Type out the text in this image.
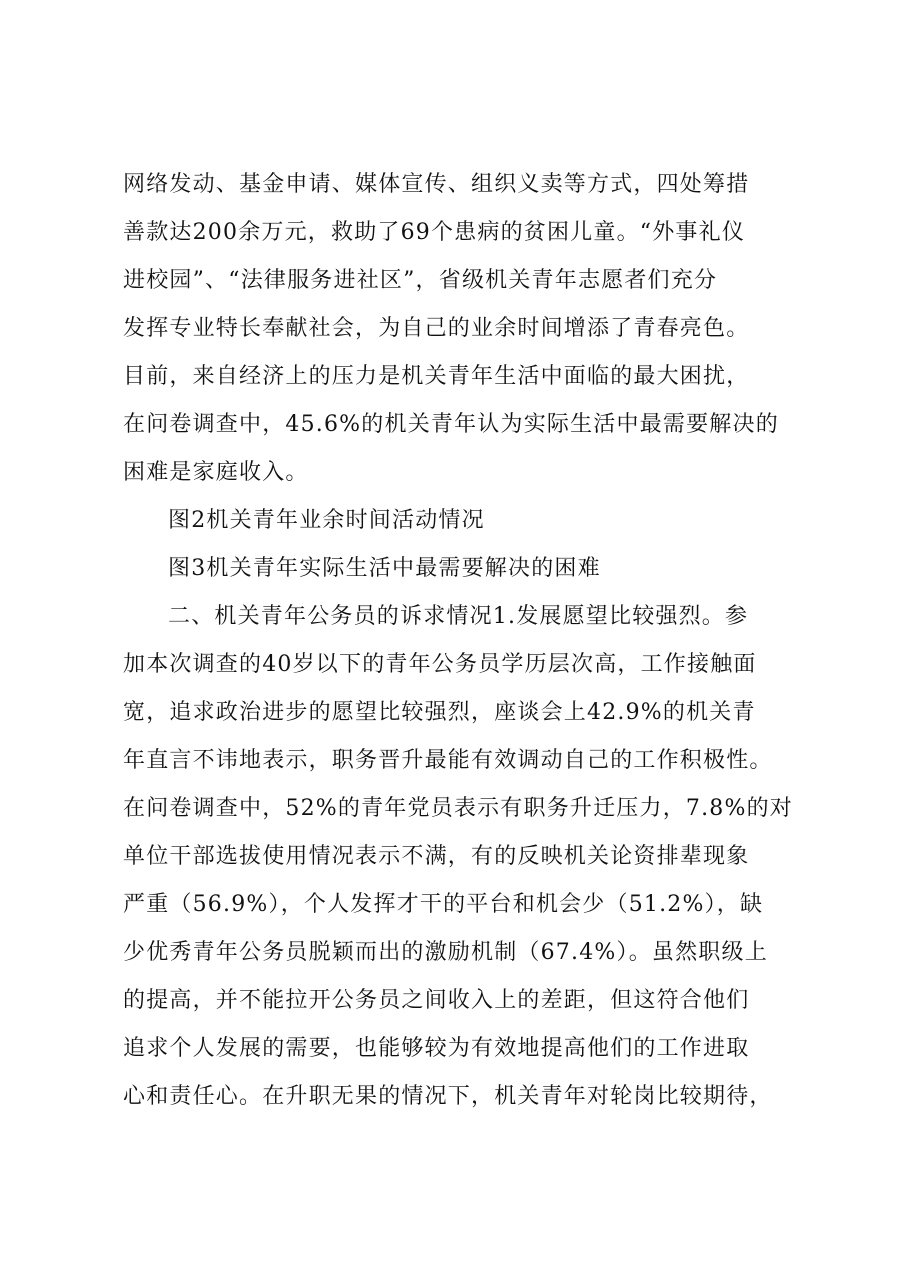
网络发动、基金申请、媒体宣传、组织义卖等方式，四处筹措
善款达200余万元，救助了69个患病的贫困儿童。“外事礼仪
进校园”、“法律服务进社区”，省级机关青年志愿者们充分
发挥专业特长奉献社会，为自己的业余时间增添了青春亮色。
目前，来自经济上的压力是机关青年生活中面临的最大困扰，
在问卷调查中，45.6%的机关青年认为实际生活中最需要解决的
困难是家庭收入。
图2机关青年业余时间活动情况
图3机关青年实际生活中最需要解决的困难
二、机关青年公务员的诉求情况1.发展愿望比较强烈。参
加本次调查的40岁以下的青年公务员学历层次高，工作接触面
宽，追求政治进步的愿望比较强烈，座谈会上42.9%的机关青
年直言不讳地表示，职务晋升最能有效调动自己的工作积极性。
在问卷调查中，52%的青年党员表示有职务升迁压力，7.8%的对
单位干部选拔使用情况表示不满，有的反映机关论资排辈现象
严重（56.9%），个人发挥才干的平台和机会少（51.2%），缺
少优秀青年公务员脱颖而出的激励机制（67.4%）。虽然职级上
的提高，并不能拉开公务员之间收入上的差距，但这符合他们
追求个人发展的需要，也能够较为有效地提高他们的工作进取
心和责任心。在升职无果的情况下，机关青年对轮岗比较期待，
